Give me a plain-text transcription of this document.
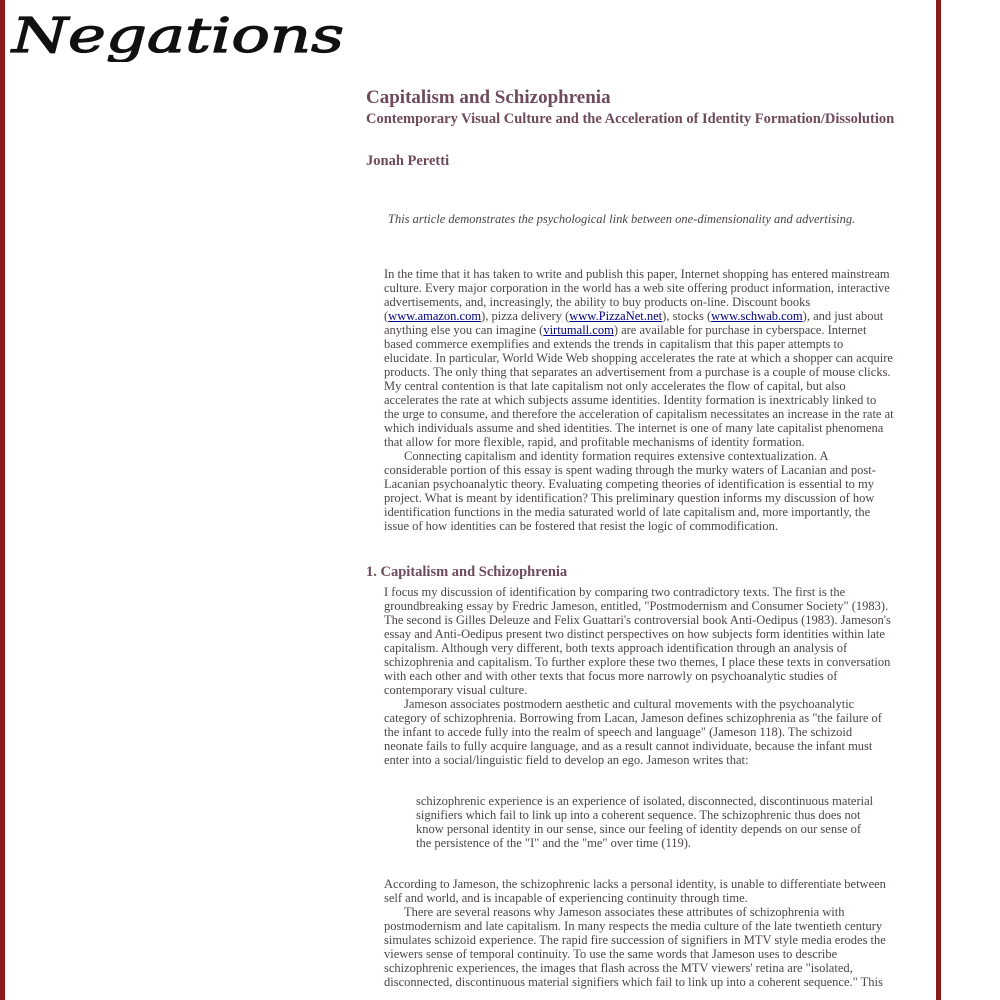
Negations
Capitalism and Schizophrenia
Contemporary Visual Culture and the Acceleration of Identity Formation/Dissolution
Jonah Peretti

This article demonstrates the psychological link between one-dimensionality and advertising.

In the time that it has taken to write and publish this paper, Internet shopping has entered mainstream culture. Every major corporation in the world has a web site offering product information, interactive advertisements, and, increasingly, the ability to buy products on-line. Discount books (www.amazon.com), pizza delivery (www.PizzaNet.net), stocks (www.schwab.com), and just about anything else you can imagine (virtumall.com) are available for purchase in cyberspace. Internet based commerce exemplifies and extends the trends in capitalism that this paper attempts to elucidate. In particular, World Wide Web shopping accelerates the rate at which a shopper can acquire products. The only thing that separates an advertisement from a purchase is a couple of mouse clicks. My central contention is that late capitalism not only accelerates the flow of capital, but also accelerates the rate at which subjects assume identities. Identity formation is inextricably linked to the urge to consume, and therefore the acceleration of capitalism necessitates an increase in the rate at which individuals assume and shed identities. The internet is one of many late capitalist phenomena that allow for more flexible, rapid, and profitable mechanisms of identity formation.

Connecting capitalism and identity formation requires extensive contextualization. A considerable portion of this essay is spent wading through the murky waters of Lacanian and post-Lacanian psychoanalytic theory. Evaluating competing theories of identification is essential to my project. What is meant by identification? This preliminary question informs my discussion of how identification functions in the media saturated world of late capitalism and, more importantly, the issue of how identities can be fostered that resist the logic of commodification.

1. Capitalism and Schizophrenia

I focus my discussion of identification by comparing two contradictory texts. The first is the groundbreaking essay by Fredric Jameson, entitled, "Postmodernism and Consumer Society" (1983). The second is Gilles Deleuze and Felix Guattari's controversial book Anti-Oedipus (1983). Jameson's essay and Anti-Oedipus present two distinct perspectives on how subjects form identities within late capitalism. Although very different, both texts approach identification through an analysis of schizophrenia and capitalism. To further explore these two themes, I place these texts in conversation with each other and with other texts that focus more narrowly on psychoanalytic studies of contemporary visual culture.

Jameson associates postmodern aesthetic and cultural movements with the psychoanalytic category of schizophrenia. Borrowing from Lacan, Jameson defines schizophrenia as "the failure of the infant to accede fully into the realm of speech and language" (Jameson 118). The schizoid neonate fails to fully acquire language, and as a result cannot individuate, because the infant must enter into a social/linguistic field to develop an ego. Jameson writes that:

schizophrenic experience is an experience of isolated, disconnected, discontinuous material signifiers which fail to link up into a coherent sequence. The schizophrenic thus does not know personal identity in our sense, since our feeling of identity depends on our sense of the persistence of the "I" and the "me" over time (119).

According to Jameson, the schizophrenic lacks a personal identity, is unable to differentiate between self and world, and is incapable of experiencing continuity through time.

There are several reasons why Jameson associates these attributes of schizophrenia with postmodernism and late capitalism. In many respects the media culture of the late twentieth century simulates schizoid experience. The rapid fire succession of signifiers in MTV style media erodes the viewers sense of temporal continuity. To use the same words that Jameson uses to describe schizophrenic experiences, the images that flash across the MTV viewers' retina are "isolated, disconnected, discontinuous material signifiers which fail to link up into a coherent sequence." This
